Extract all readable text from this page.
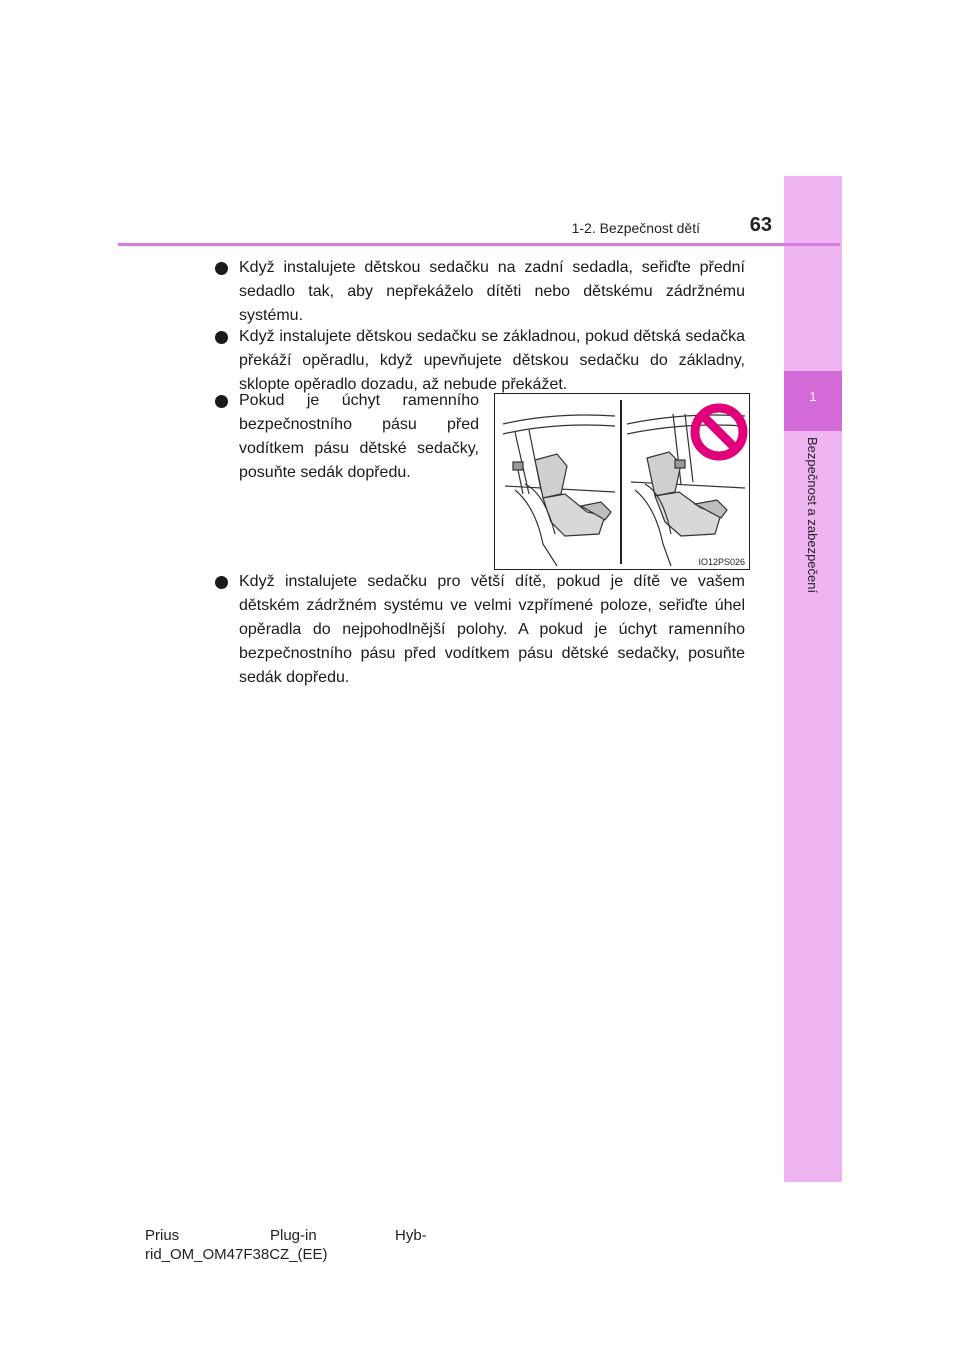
1
Bezpečnost a zabezpečení
1-2. Bezpečnost dětí	63
Když instalujete dětskou sedačku na zadní sedadla, seřiďte přední sedadlo tak, aby nepřekáželo dítěti nebo dětskému zádržnému systému.
Když instalujete dětskou sedačku se základnou, pokud dětská sedačka překáží opěradlu, když upevňujete dětskou sedačku do základny, sklopte opěradlo dozadu, až nebude překážet.
Pokud je úchyt ramenního bezpečnostního pásu před vodítkem pásu dětské sedačky, posuňte sedák dopředu.
IO12PS026
Když instalujete sedačku pro větší dítě, pokud je dítě ve vašem dětském zádržném systému ve velmi vzpřímené poloze, seřiďte úhel opěradla do nejpohodlnější polohy. A pokud je úchyt ramenního bezpečnostního pásu před vodítkem pásu dětské sedačky, posuňte sedák dopředu.
Prius	Plug-in	Hyb-
rid_OM_OM47F38CZ_(EE)
